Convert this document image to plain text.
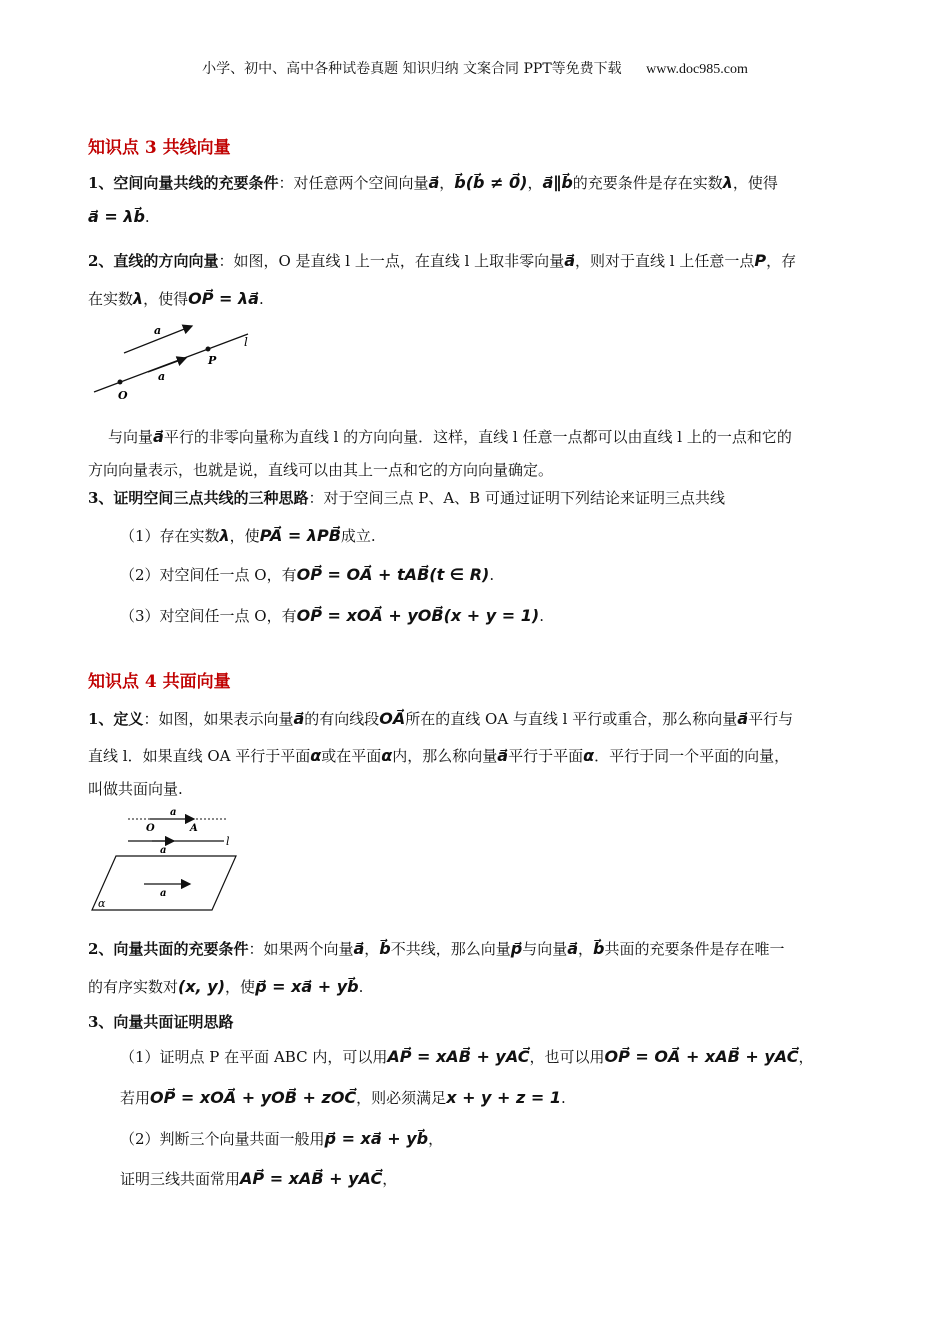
小学、初中、高中各种试卷真题 知识归纳 文案合同 PPT等免费下载 www.doc985.com
知识点 3 共线向量
1、空间向量共线的充要条件：对任意两个空间向量a⃗，b⃗(b⃗ ≠ 0⃗)，a⃗∥b⃗的充要条件是存在实数λ，使得
a⃗ = λb⃗.
2、直线的方向向量：如图，O 是直线 l 上一点，在直线 l 上取非零向量a⃗，则对于直线 l 上任意一点P，存
在实数λ，使得OP⃗ = λa⃗.
a
l
P
a
O
与向量a⃗平行的非零向量称为直线 l 的方向向量．这样，直线 l 任意一点都可以由直线 l 上的一点和它的
方向向量表示，也就是说，直线可以由其上一点和它的方向向量确定。
3、证明空间三点共线的三种思路：对于空间三点 P、A、B 可通过证明下列结论来证明三点共线
（1）存在实数λ，使PA⃗ = λPB⃗成立.
（2）对空间任一点 O，有OP⃗ = OA⃗ + tAB⃗(t ∈ R).
（3）对空间任一点 O，有OP⃗ = xOA⃗ + yOB⃗(x + y = 1).
知识点 4 共面向量
1、定义：如图，如果表示向量a⃗的有向线段OA⃗所在的直线 OA 与直线 l 平行或重合，那么称向量a⃗平行与
直线 l．如果直线 OA 平行于平面α或在平面α内，那么称向量a⃗平行于平面α．平行于同一个平面的向量，
叫做共面向量.
a
O	A
l
a
a
α
2、向量共面的充要条件：如果两个向量a⃗，b⃗不共线，那么向量p⃗与向量a⃗，b⃗共面的充要条件是存在唯一
的有序实数对(x, y)，使p⃗ = xa⃗ + yb⃗.
3、向量共面证明思路
（1）证明点 P 在平面 ABC 内，可以用AP⃗ = xAB⃗ + yAC⃗，也可以用OP⃗ = OA⃗ + xAB⃗ + yAC⃗，
若用OP⃗ = xOA⃗ + yOB⃗ + zOC⃗，则必须满足x + y + z = 1.
（2）判断三个向量共面一般用p⃗ = xa⃗ + yb⃗，
证明三线共面常用AP⃗ = xAB⃗ + yAC⃗，
